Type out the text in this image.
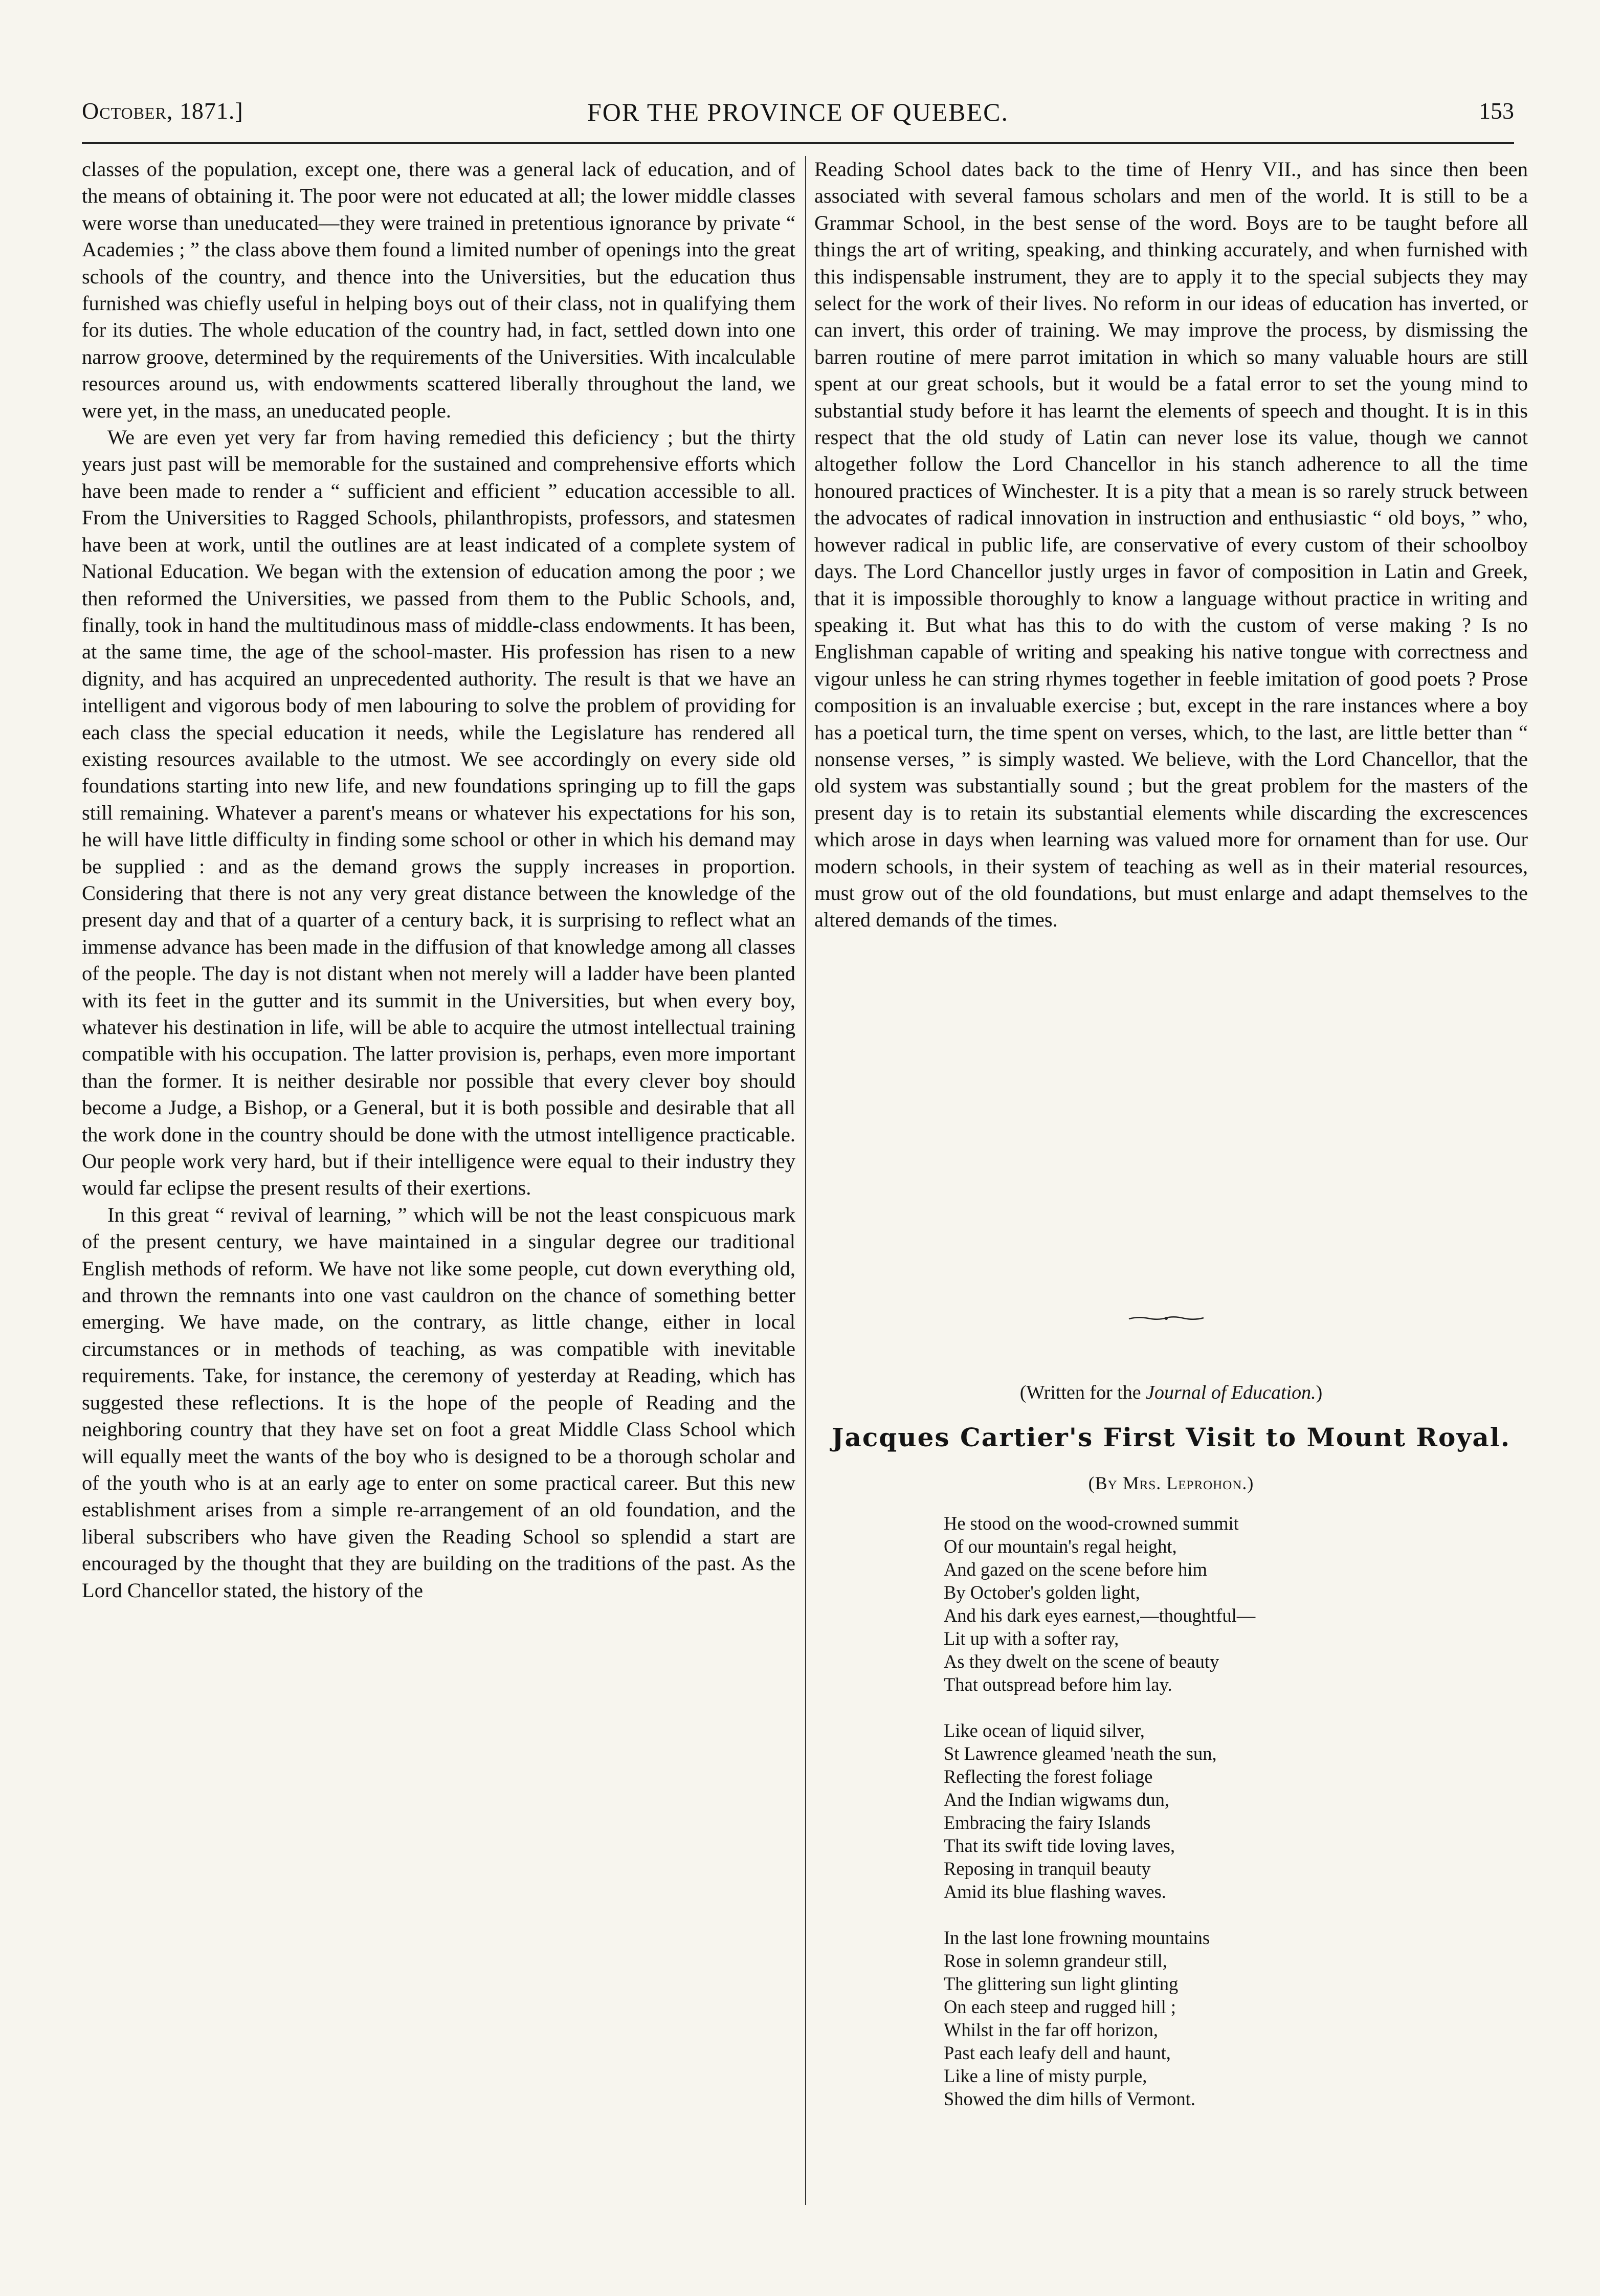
October, 1871.]	FOR THE PROVINCE OF QUEBEC.	153

classes of the population, except one, there was a general lack of education, and of the means of obtaining it. The poor were not educated at all; the lower middle classes were worse than uneducated—they were trained in pretentious ignorance by private “ Academies ; ” the class above them found a limited number of openings into the great schools of the country, and thence into the Universities, but the education thus furnished was chiefly useful in helping boys out of their class, not in qualifying them for its duties. The whole education of the country had, in fact, settled down into one narrow groove, determined by the requirements of the Universities. With incalculable resources around us, with endowments scattered liberally throughout the land, we were yet, in the mass, an uneducated people.

We are even yet very far from having remedied this deficiency ; but the thirty years just past will be memorable for the sustained and comprehensive efforts which have been made to render a “ sufficient and efficient ” education accessible to all. From the Universities to Ragged Schools, philanthropists, professors, and statesmen have been at work, until the outlines are at least indicated of a complete system of National Education. We began with the extension of education among the poor ; we then reformed the Universities, we passed from them to the Public Schools, and, finally, took in hand the multitudinous mass of middle-class endowments. It has been, at the same time, the age of the school-master. His profession has risen to a new dignity, and has acquired an unprecedented authority. The result is that we have an intelligent and vigorous body of men labouring to solve the problem of providing for each class the special education it needs, while the Legislature has rendered all existing resources available to the utmost. We see accordingly on every side old foundations starting into new life, and new foundations springing up to fill the gaps still remaining. Whatever a parent's means or whatever his expectations for his son, he will have little difficulty in finding some school or other in which his demand may be supplied : and as the demand grows the supply increases in proportion. Considering that there is not any very great distance between the knowledge of the present day and that of a quarter of a century back, it is surprising to reflect what an immense advance has been made in the diffusion of that knowledge among all classes of the people. The day is not distant when not merely will a ladder have been planted with its feet in the gutter and its summit in the Universities, but when every boy, whatever his destination in life, will be able to acquire the utmost intellectual training compatible with his occupation. The latter provision is, perhaps, even more important than the former. It is neither desirable nor possible that every clever boy should become a Judge, a Bishop, or a General, but it is both possible and desirable that all the work done in the country should be done with the utmost intelligence practicable. Our people work very hard, but if their intelligence were equal to their industry they would far eclipse the present results of their exertions.

In this great “ revival of learning, ” which will be not the least conspicuous mark of the present century, we have maintained in a singular degree our traditional English methods of reform. We have not like some people, cut down everything old, and thrown the remnants into one vast cauldron on the chance of something better emerging. We have made, on the contrary, as little change, either in local circumstances or in methods of teaching, as was compatible with inevitable requirements. Take, for instance, the ceremony of yesterday at Reading, which has suggested these reflections. It is the hope of the people of Reading and the neighboring country that they have set on foot a great Middle Class School which will equally meet the wants of the boy who is designed to be a thorough scholar and of the youth who is at an early age to enter on some practical career. But this new establishment arises from a simple re-arrangement of an old foundation, and the liberal subscribers who have given the Reading School so splendid a start are encouraged by the thought that they are building on the traditions of the past. As the Lord Chancellor stated, the history of the

Reading School dates back to the time of Henry VII., and has since then been associated with several famous scholars and men of the world. It is still to be a Grammar School, in the best sense of the word. Boys are to be taught before all things the art of writing, speaking, and thinking accurately, and when furnished with this indispensable instrument, they are to apply it to the special subjects they may select for the work of their lives. No reform in our ideas of education has inverted, or can invert, this order of training. We may improve the process, by dismissing the barren routine of mere parrot imitation in which so many valuable hours are still spent at our great schools, but it would be a fatal error to set the young mind to substantial study before it has learnt the elements of speech and thought. It is in this respect that the old study of Latin can never lose its value, though we cannot altogether follow the Lord Chancellor in his stanch adherence to all the time honoured practices of Winchester. It is a pity that a mean is so rarely struck between the advocates of radical innovation in instruction and enthusiastic “ old boys, ” who, however radical in public life, are conservative of every custom of their schoolboy days. The Lord Chancellor justly urges in favor of composition in Latin and Greek, that it is impossible thoroughly to know a language without practice in writing and speaking it. But what has this to do with the custom of verse making ? Is no Englishman capable of writing and speaking his native tongue with correctness and vigour unless he can string rhymes together in feeble imitation of good poets ? Prose composition is an invaluable exercise ; but, except in the rare instances where a boy has a poetical turn, the time spent on verses, which, to the last, are little better than “ nonsense verses, ” is simply wasted. We believe, with the Lord Chancellor, that the old system was substantially sound ; but the great problem for the masters of the present day is to retain its substantial elements while discarding the excrescences which arose in days when learning was valued more for ornament than for use. Our modern schools, in their system of teaching as well as in their material resources, must grow out of the old foundations, but must enlarge and adapt themselves to the altered demands of the times.

(Written for the Journal of Education.)
Jacques Cartier's First Visit to Mount Royal.
(By Mrs. Leprohon.)
He stood on the wood-crowned summit
Of our mountain's regal height,
And gazed on the scene before him
By October's golden light,
And his dark eyes earnest,—thoughtful—
Lit up with a softer ray,
As they dwelt on the scene of beauty
That outspread before him lay.
Like ocean of liquid silver,
St Lawrence gleamed 'neath the sun,
Reflecting the forest foliage
And the Indian wigwams dun,
Embracing the fairy Islands
That its swift tide loving laves,
Reposing in tranquil beauty
Amid its blue flashing waves.
In the last lone frowning mountains
Rose in solemn grandeur still,
The glittering sun light glinting
On each steep and rugged hill ;
Whilst in the far off horizon,
Past each leafy dell and haunt,
Like a line of misty purple,
Showed the dim hills of Vermont.
